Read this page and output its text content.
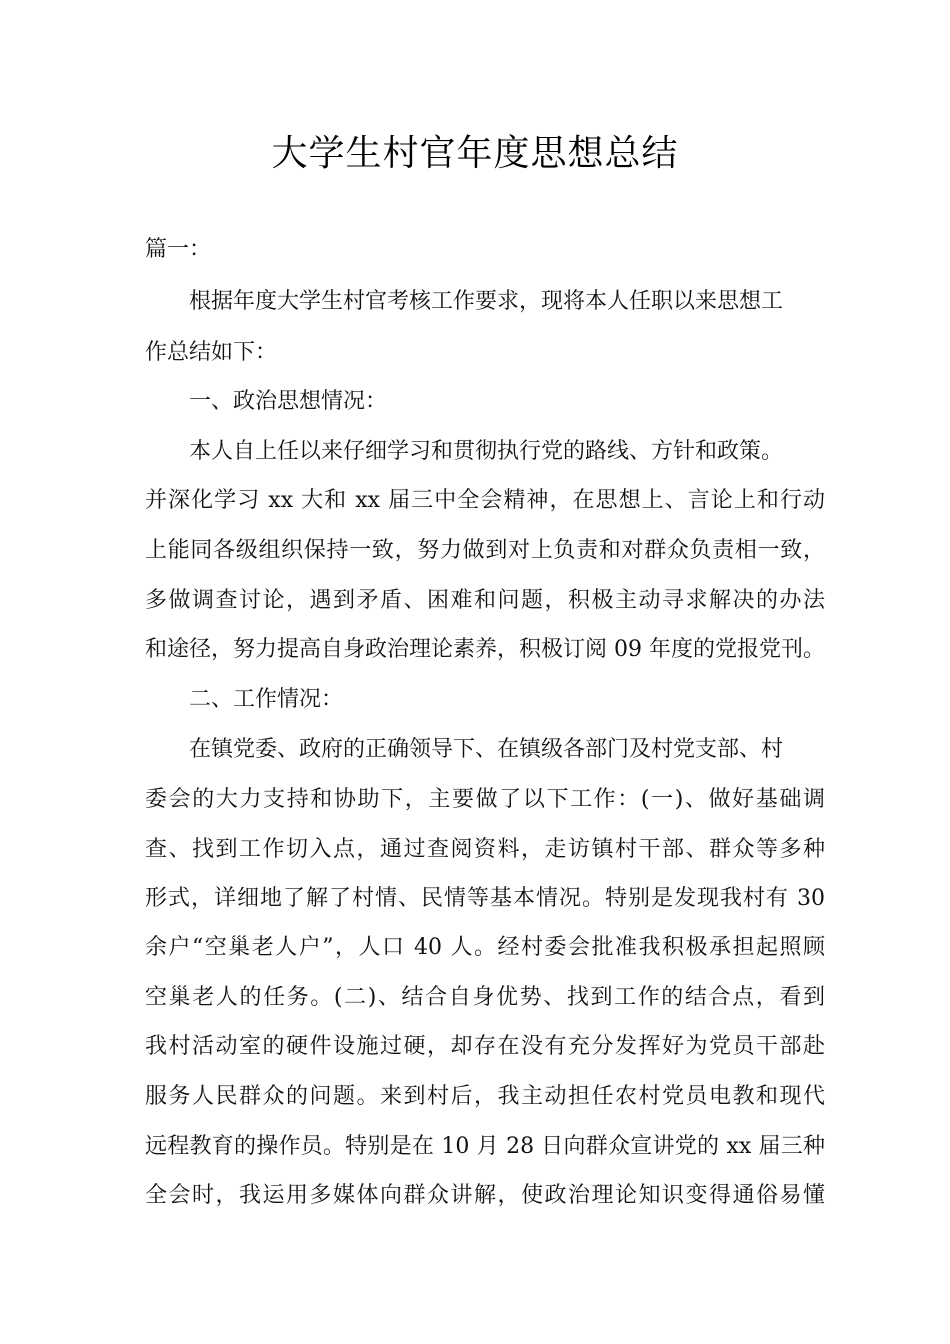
大学生村官年度思想总结
篇一：
根据年度大学生村官考核工作要求，现将本人任职以来思想工
作总结如下：
一、政治思想情况：
本人自上任以来仔细学习和贯彻执行党的路线、方针和政策。
并深化学习 xx 大和 xx 届三中全会精神，在思想上、言论上和行动
上能同各级组织保持一致，努力做到对上负责和对群众负责相一致，
多做调查讨论，遇到矛盾、困难和问题，积极主动寻求解决的办法
和途径，努力提高自身政治理论素养，积极订阅 09 年度的党报党刊。
二、工作情况：
在镇党委、政府的正确领导下、在镇级各部门及村党支部、村
委会的大力支持和协助下，主要做了以下工作：(一)、做好基础调
查、找到工作切入点，通过查阅资料，走访镇村干部、群众等多种
形式，详细地了解了村情、民情等基本情况。特别是发现我村有 30
余户“空巢老人户”，人口 40 人。经村委会批准我积极承担起照顾
空巢老人的任务。(二)、结合自身优势、找到工作的结合点，看到
我村活动室的硬件设施过硬，却存在没有充分发挥好为党员干部赴
服务人民群众的问题。来到村后，我主动担任农村党员电教和现代
远程教育的操作员。特别是在 10 月 28 日向群众宣讲党的 xx 届三种
全会时，我运用多媒体向群众讲解，使政治理论知识变得通俗易懂
